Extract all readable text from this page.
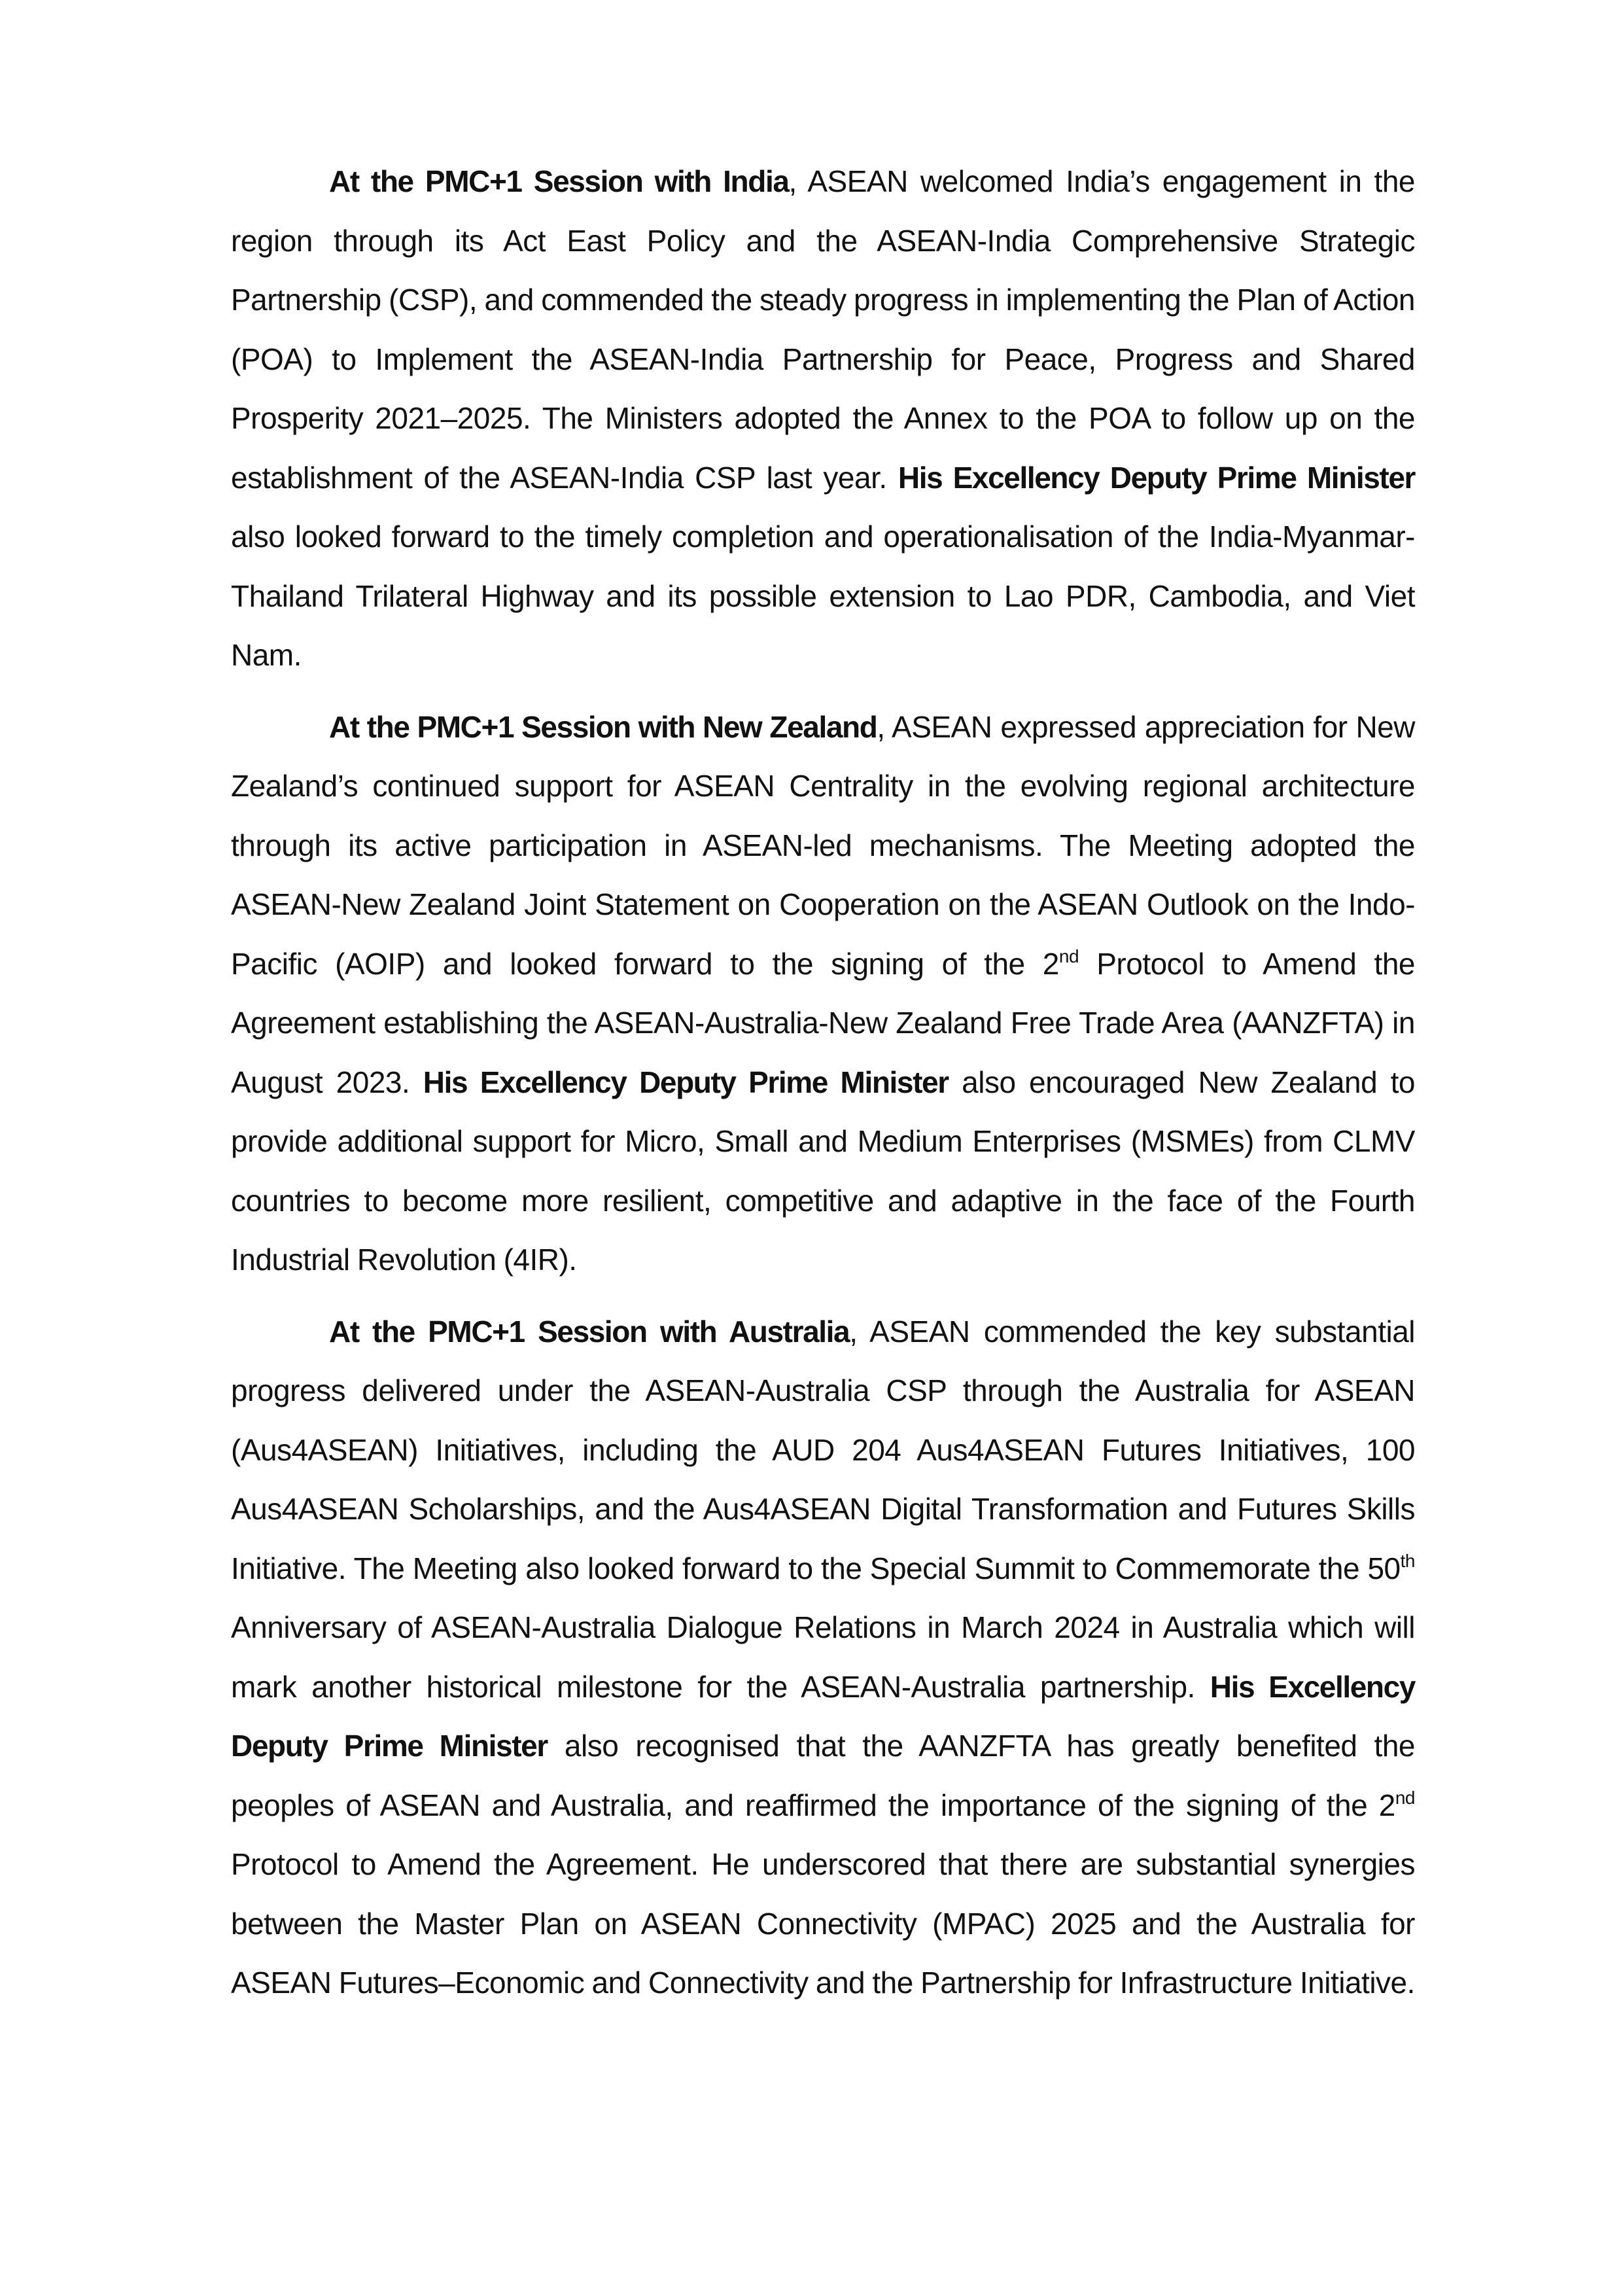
At the PMC+1 Session with India, ASEAN welcomed India’s engagement in the region through its Act East Policy and the ASEAN-India Comprehensive Strategic Partnership (CSP), and commended the steady progress in implementing the Plan of Action (POA) to Implement the ASEAN-India Partnership for Peace, Progress and Shared Prosperity 2021–2025. The Ministers adopted the Annex to the POA to follow up on the establishment of the ASEAN-India CSP last year. His Excellency Deputy Prime Minister also looked forward to the timely completion and operationalisation of the India-Myanmar-Thailand Trilateral Highway and its possible extension to Lao PDR, Cambodia, and Viet Nam.

At the PMC+1 Session with New Zealand, ASEAN expressed appreciation for New Zealand’s continued support for ASEAN Centrality in the evolving regional architecture through its active participation in ASEAN-led mechanisms. The Meeting adopted the ASEAN-New Zealand Joint Statement on Cooperation on the ASEAN Outlook on the Indo-Pacific (AOIP) and looked forward to the signing of the 2nd Protocol to Amend the Agreement establishing the ASEAN-Australia-New Zealand Free Trade Area (AANZFTA) in August 2023. His Excellency Deputy Prime Minister also encouraged New Zealand to provide additional support for Micro, Small and Medium Enterprises (MSMEs) from CLMV countries to become more resilient, competitive and adaptive in the face of the Fourth Industrial Revolution (4IR).

At the PMC+1 Session with Australia, ASEAN commended the key substantial progress delivered under the ASEAN-Australia CSP through the Australia for ASEAN (Aus4ASEAN) Initiatives, including the AUD 204 Aus4ASEAN Futures Initiatives, 100 Aus4ASEAN Scholarships, and the Aus4ASEAN Digital Transformation and Futures Skills Initiative. The Meeting also looked forward to the Special Summit to Commemorate the 50th Anniversary of ASEAN-Australia Dialogue Relations in March 2024 in Australia which will mark another historical milestone for the ASEAN-Australia partnership. His Excellency Deputy Prime Minister also recognised that the AANZFTA has greatly benefited the peoples of ASEAN and Australia, and reaffirmed the importance of the signing of the 2nd Protocol to Amend the Agreement. He underscored that there are substantial synergies between the Master Plan on ASEAN Connectivity (MPAC) 2025 and the Australia for ASEAN Futures–Economic and Connectivity and the Partnership for Infrastructure Initiative.
